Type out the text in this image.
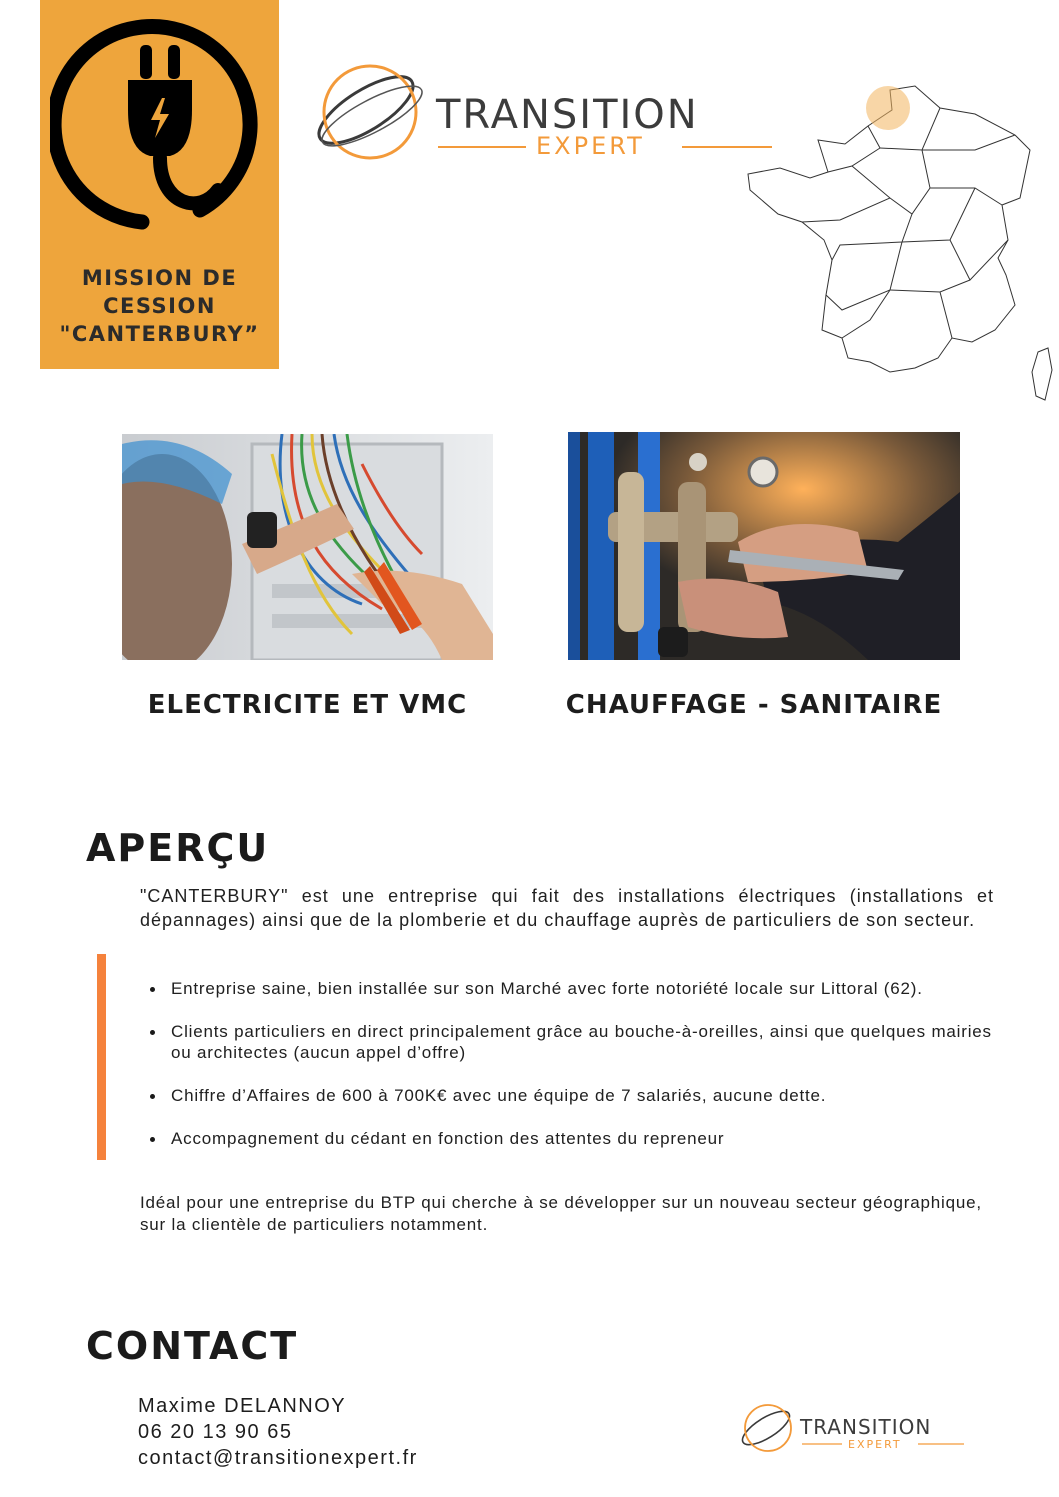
MISSION DE
CESSION
"CANTERBURY”
TRANSITION
EXPERT
ELECTRICITE ET VMC	CHAUFFAGE - SANITAIRE
APERÇU

"CANTERBURY" est une entreprise qui fait des installations électriques (installations et dépannages) ainsi que de la plomberie et du chauffage auprès de particuliers de son secteur.

Entreprise saine, bien installée sur son Marché avec forte notoriété locale sur Littoral (62).
Clients particuliers en direct principalement grâce au bouche-à-oreilles, ainsi que quelques mairies ou architectes (aucun appel d’offre)
Chiffre d’Affaires de 600 à 700K€ avec une équipe de 7 salariés, aucune dette.
Accompagnement du cédant en fonction des attentes du repreneur

Idéal pour une entreprise du BTP qui cherche à se développer sur un nouveau secteur géographique, sur la clientèle de particuliers notamment.

CONTACT
Maxime DELANNOY
06 20 13 90 65
contact@transitionexpert.fr
TRANSITION
EXPERT
